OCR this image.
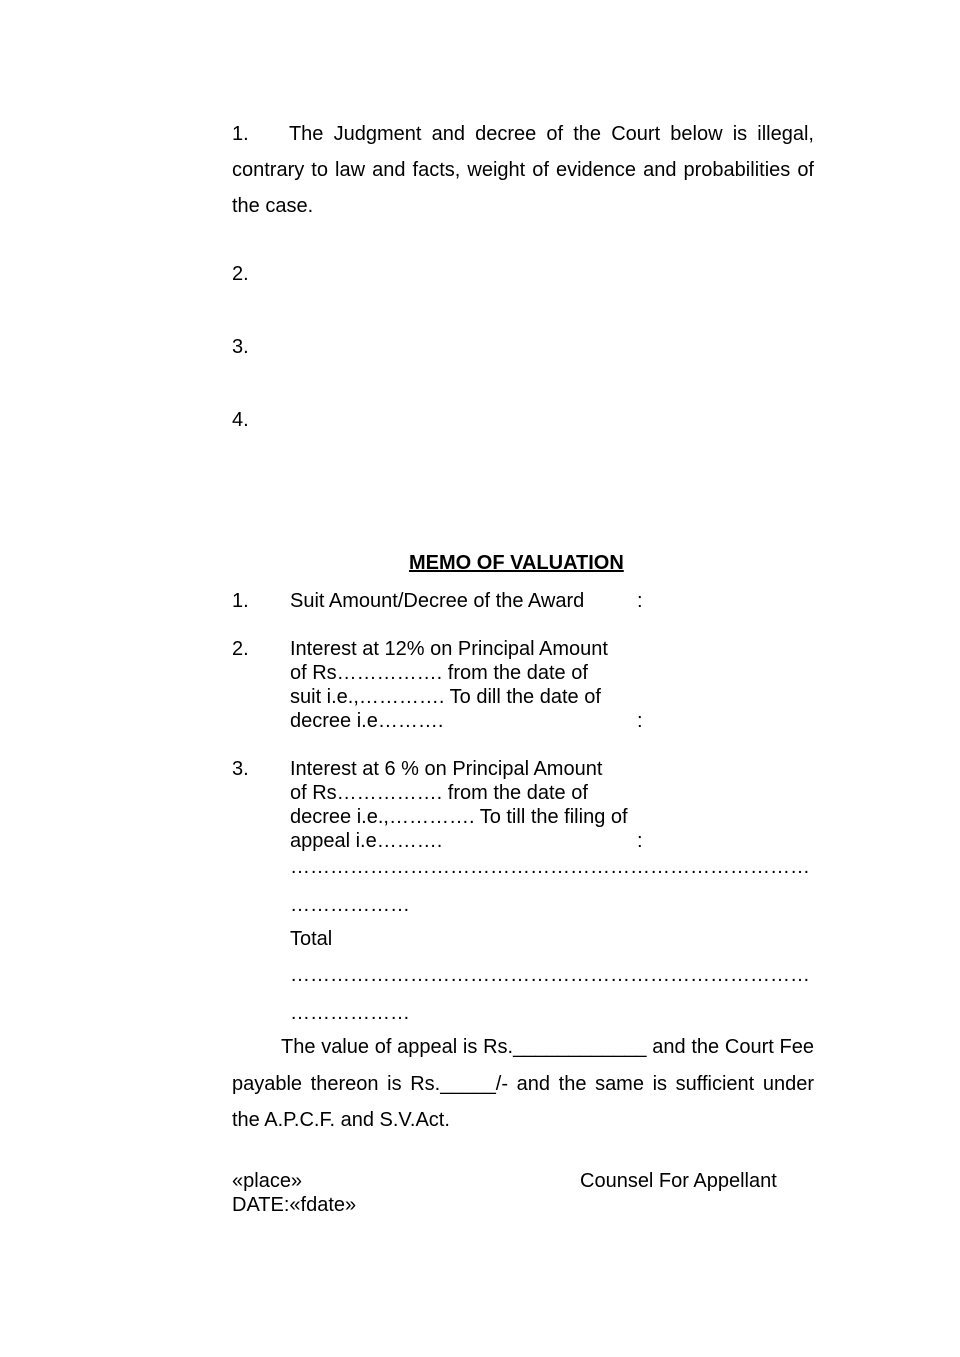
1. The Judgment and decree of the Court below is illegal, contrary to law and facts, weight of evidence and probabilities of the case.
2.
3.
4.
MEMO OF VALUATION
1. Suit Amount/Decree of the Award	:
2. Interest at 12% on Principal Amount
of Rs……………. from the date of
suit i.e.,…………. To dill the date of
decree i.e……….	:
3. Interest at 6 % on Principal Amount
of Rs……………. from the date of
decree i.e.,…………. To till the filing of
appeal i.e……….	:
……………………………………………………………………
………………
Total
……………………………………………………………………
………………
The value of appeal is Rs.____________ and the Court Fee payable thereon is Rs._____/- and the same is sufficient under the A.P.C.F. and S.V.Act.
«place»	Counsel For Appellant
DATE:«fdate»
